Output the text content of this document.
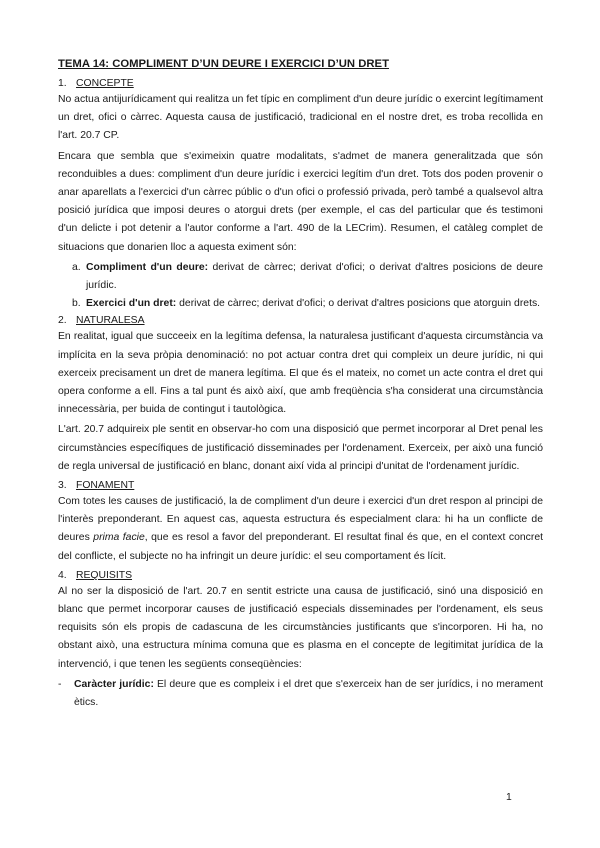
TEMA 14: COMPLIMENT D’UN DEURE I EXERCICI D’UN DRET
1. CONCEPTE

No actua antijurídicament qui realitza un fet típic en compliment d'un deure jurídic o exercint legítimament un dret, ofici o càrrec. Aquesta causa de justificació, tradicional en el nostre dret, es troba recollida en l'art. 20.7 CP.

Encara que sembla que s'eximeixin quatre modalitats, s'admet de manera generalitzada que són reconduibles a dues: compliment d'un deure jurídic i exercici legítim d'un dret. Tots dos poden provenir o anar aparellats a l'exercici d'un càrrec públic o d'un ofici o professió privada, però també a qualsevol altra posició jurídica que imposi deures o atorgui drets (per exemple, el cas del particular que és testimoni d'un delicte i pot detenir a l'autor conforme a l'art. 490 de la LECrim). Resumen, el catàleg complet de situacions que donarien lloc a aquesta eximent són:

a. Compliment d'un deure: derivat de càrrec; derivat d'ofici; o derivat d'altres posicions de deure jurídic.
b. Exercici d'un dret: derivat de càrrec; derivat d'ofici; o derivat d'altres posicions que atorguin drets.
2. NATURALESA

En realitat, igual que succeeix en la legítima defensa, la naturalesa justificant d'aquesta circumstància va implícita en la seva pròpia denominació: no pot actuar contra dret qui compleix un deure jurídic, ni qui exerceix precisament un dret de manera legítima. El que és el mateix, no comet un acte contra el dret qui opera conforme a ell. Fins a tal punt és això així, que amb freqüència s'ha considerat una circumstància innecessària, per buida de contingut i tautològica.

L'art. 20.7 adquireix ple sentit en observar-ho com una disposició que permet incorporar al Dret penal les circumstàncies específiques de justificació disseminades per l'ordenament. Exerceix, per això una funció de regla universal de justificació en blanc, donant així vida al principi d'unitat de l'ordenament jurídic.

3. FONAMENT

Com totes les causes de justificació, la de compliment d'un deure i exercici d'un dret respon al principi de l'interès preponderant. En aquest cas, aquesta estructura és especialment clara: hi ha un conflicte de deures prima facie, que es resol a favor del preponderant. El resultat final és que, en el context concret del conflicte, el subjecte no ha infringit un deure jurídic: el seu comportament és lícit.

4. REQUISITS

Al no ser la disposició de l'art. 20.7 en sentit estricte una causa de justificació, sinó una disposició en blanc que permet incorporar causes de justificació especials disseminades per l'ordenament, els seus requisits són els propis de cadascuna de les circumstàncies justificants que s'incorporen. Hi ha, no obstant això, una estructura mínima comuna que es plasma en el concepte de legitimitat jurídica de la intervenció, i que tenen les següents conseqüències:

- Caràcter jurídic: El deure que es compleix i el dret que s'exerceix han de ser jurídics, i no merament ètics.
1
